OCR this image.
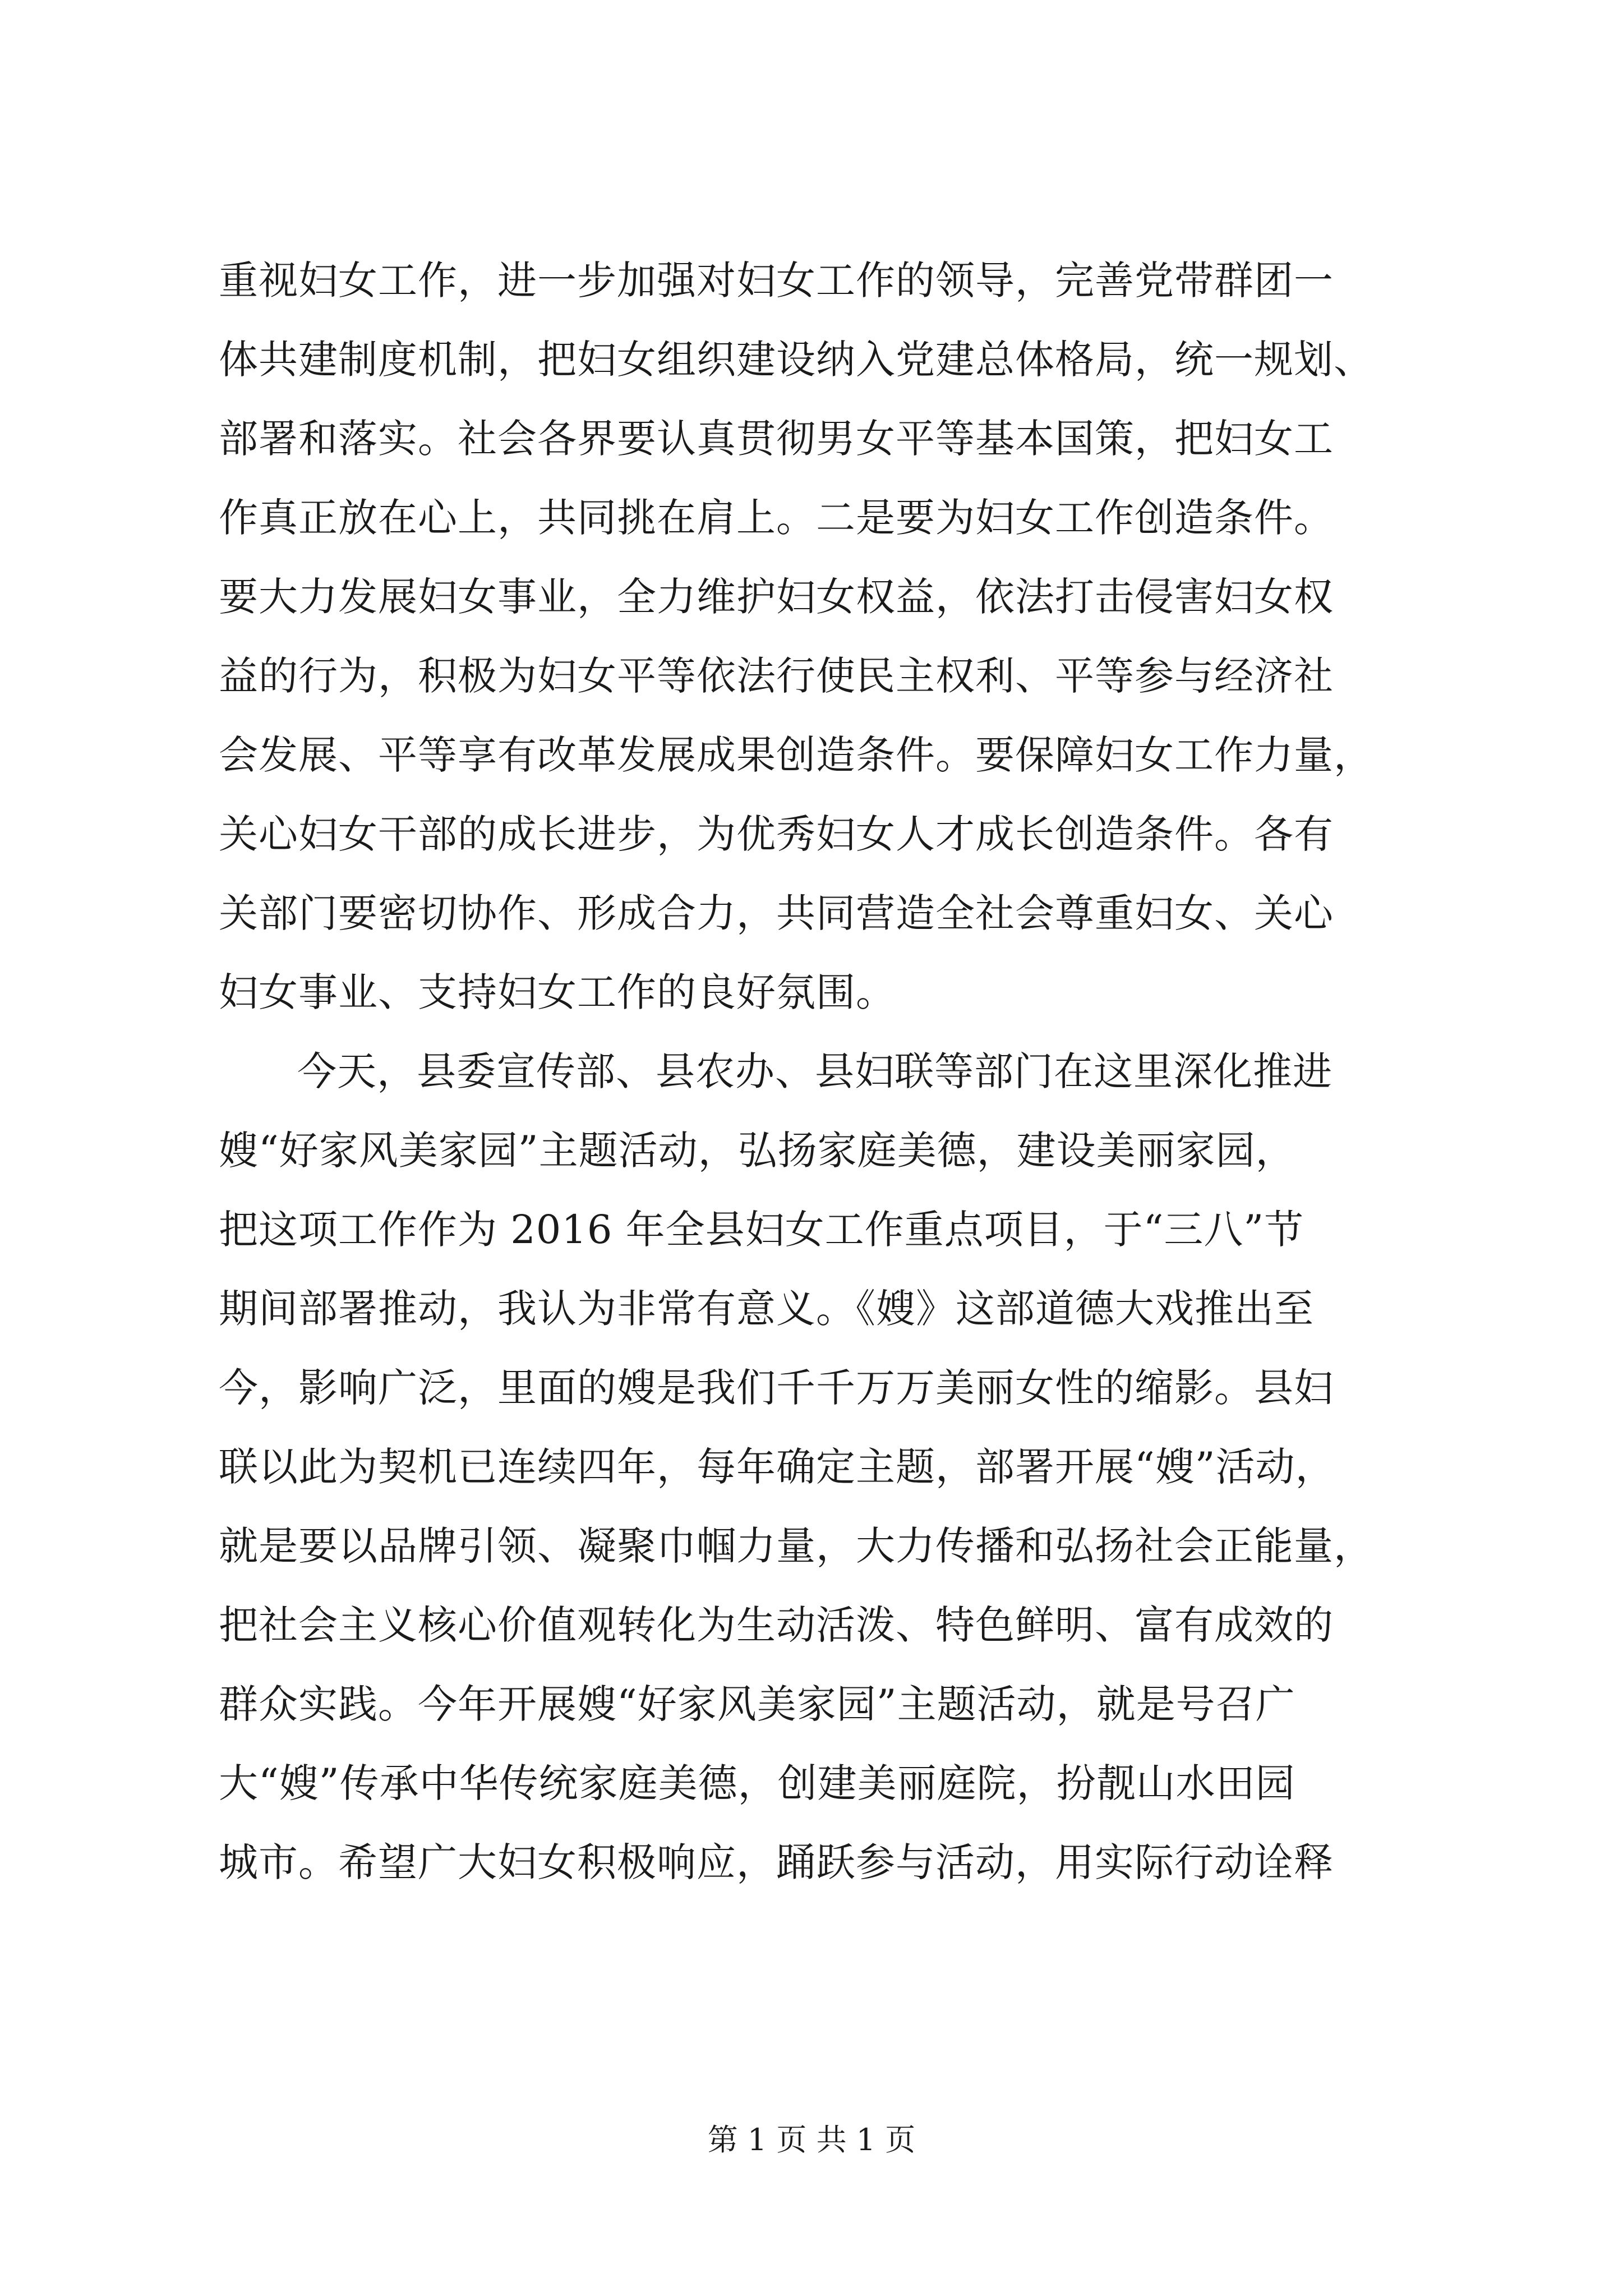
重视妇女工作，进一步加强对妇女工作的领导，完善党带群团一
体共建制度机制，把妇女组织建设纳入党建总体格局，统一规划、
部署和落实。社会各界要认真贯彻男女平等基本国策，把妇女工
作真正放在心上，共同挑在肩上。二是要为妇女工作创造条件。
要大力发展妇女事业，全力维护妇女权益，依法打击侵害妇女权
益的行为，积极为妇女平等依法行使民主权利、平等参与经济社
会发展、平等享有改革发展成果创造条件。要保障妇女工作力量，
关心妇女干部的成长进步，为优秀妇女人才成长创造条件。各有
关部门要密切协作、形成合力，共同营造全社会尊重妇女、关心
妇女事业、支持妇女工作的良好氛围。
今天，县委宣传部、县农办、县妇联等部门在这里深化推进
嫂“好家风美家园”主题活动，弘扬家庭美德，建设美丽家园，
把这项工作作为 2016 年全县妇女工作重点项目，于“三八”节
期间部署推动，我认为非常有意义。《嫂》这部道德大戏推出至
今，影响广泛，里面的嫂是我们千千万万美丽女性的缩影。县妇
联以此为契机已连续四年，每年确定主题，部署开展“嫂”活动，
就是要以品牌引领、凝聚巾帼力量，大力传播和弘扬社会正能量，
把社会主义核心价值观转化为生动活泼、特色鲜明、富有成效的
群众实践。今年开展嫂“好家风美家园”主题活动，就是号召广
大“嫂”传承中华传统家庭美德，创建美丽庭院，扮靓山水田园
城市。希望广大妇女积极响应，踊跃参与活动，用实际行动诠释
第 1 页 共 1 页
